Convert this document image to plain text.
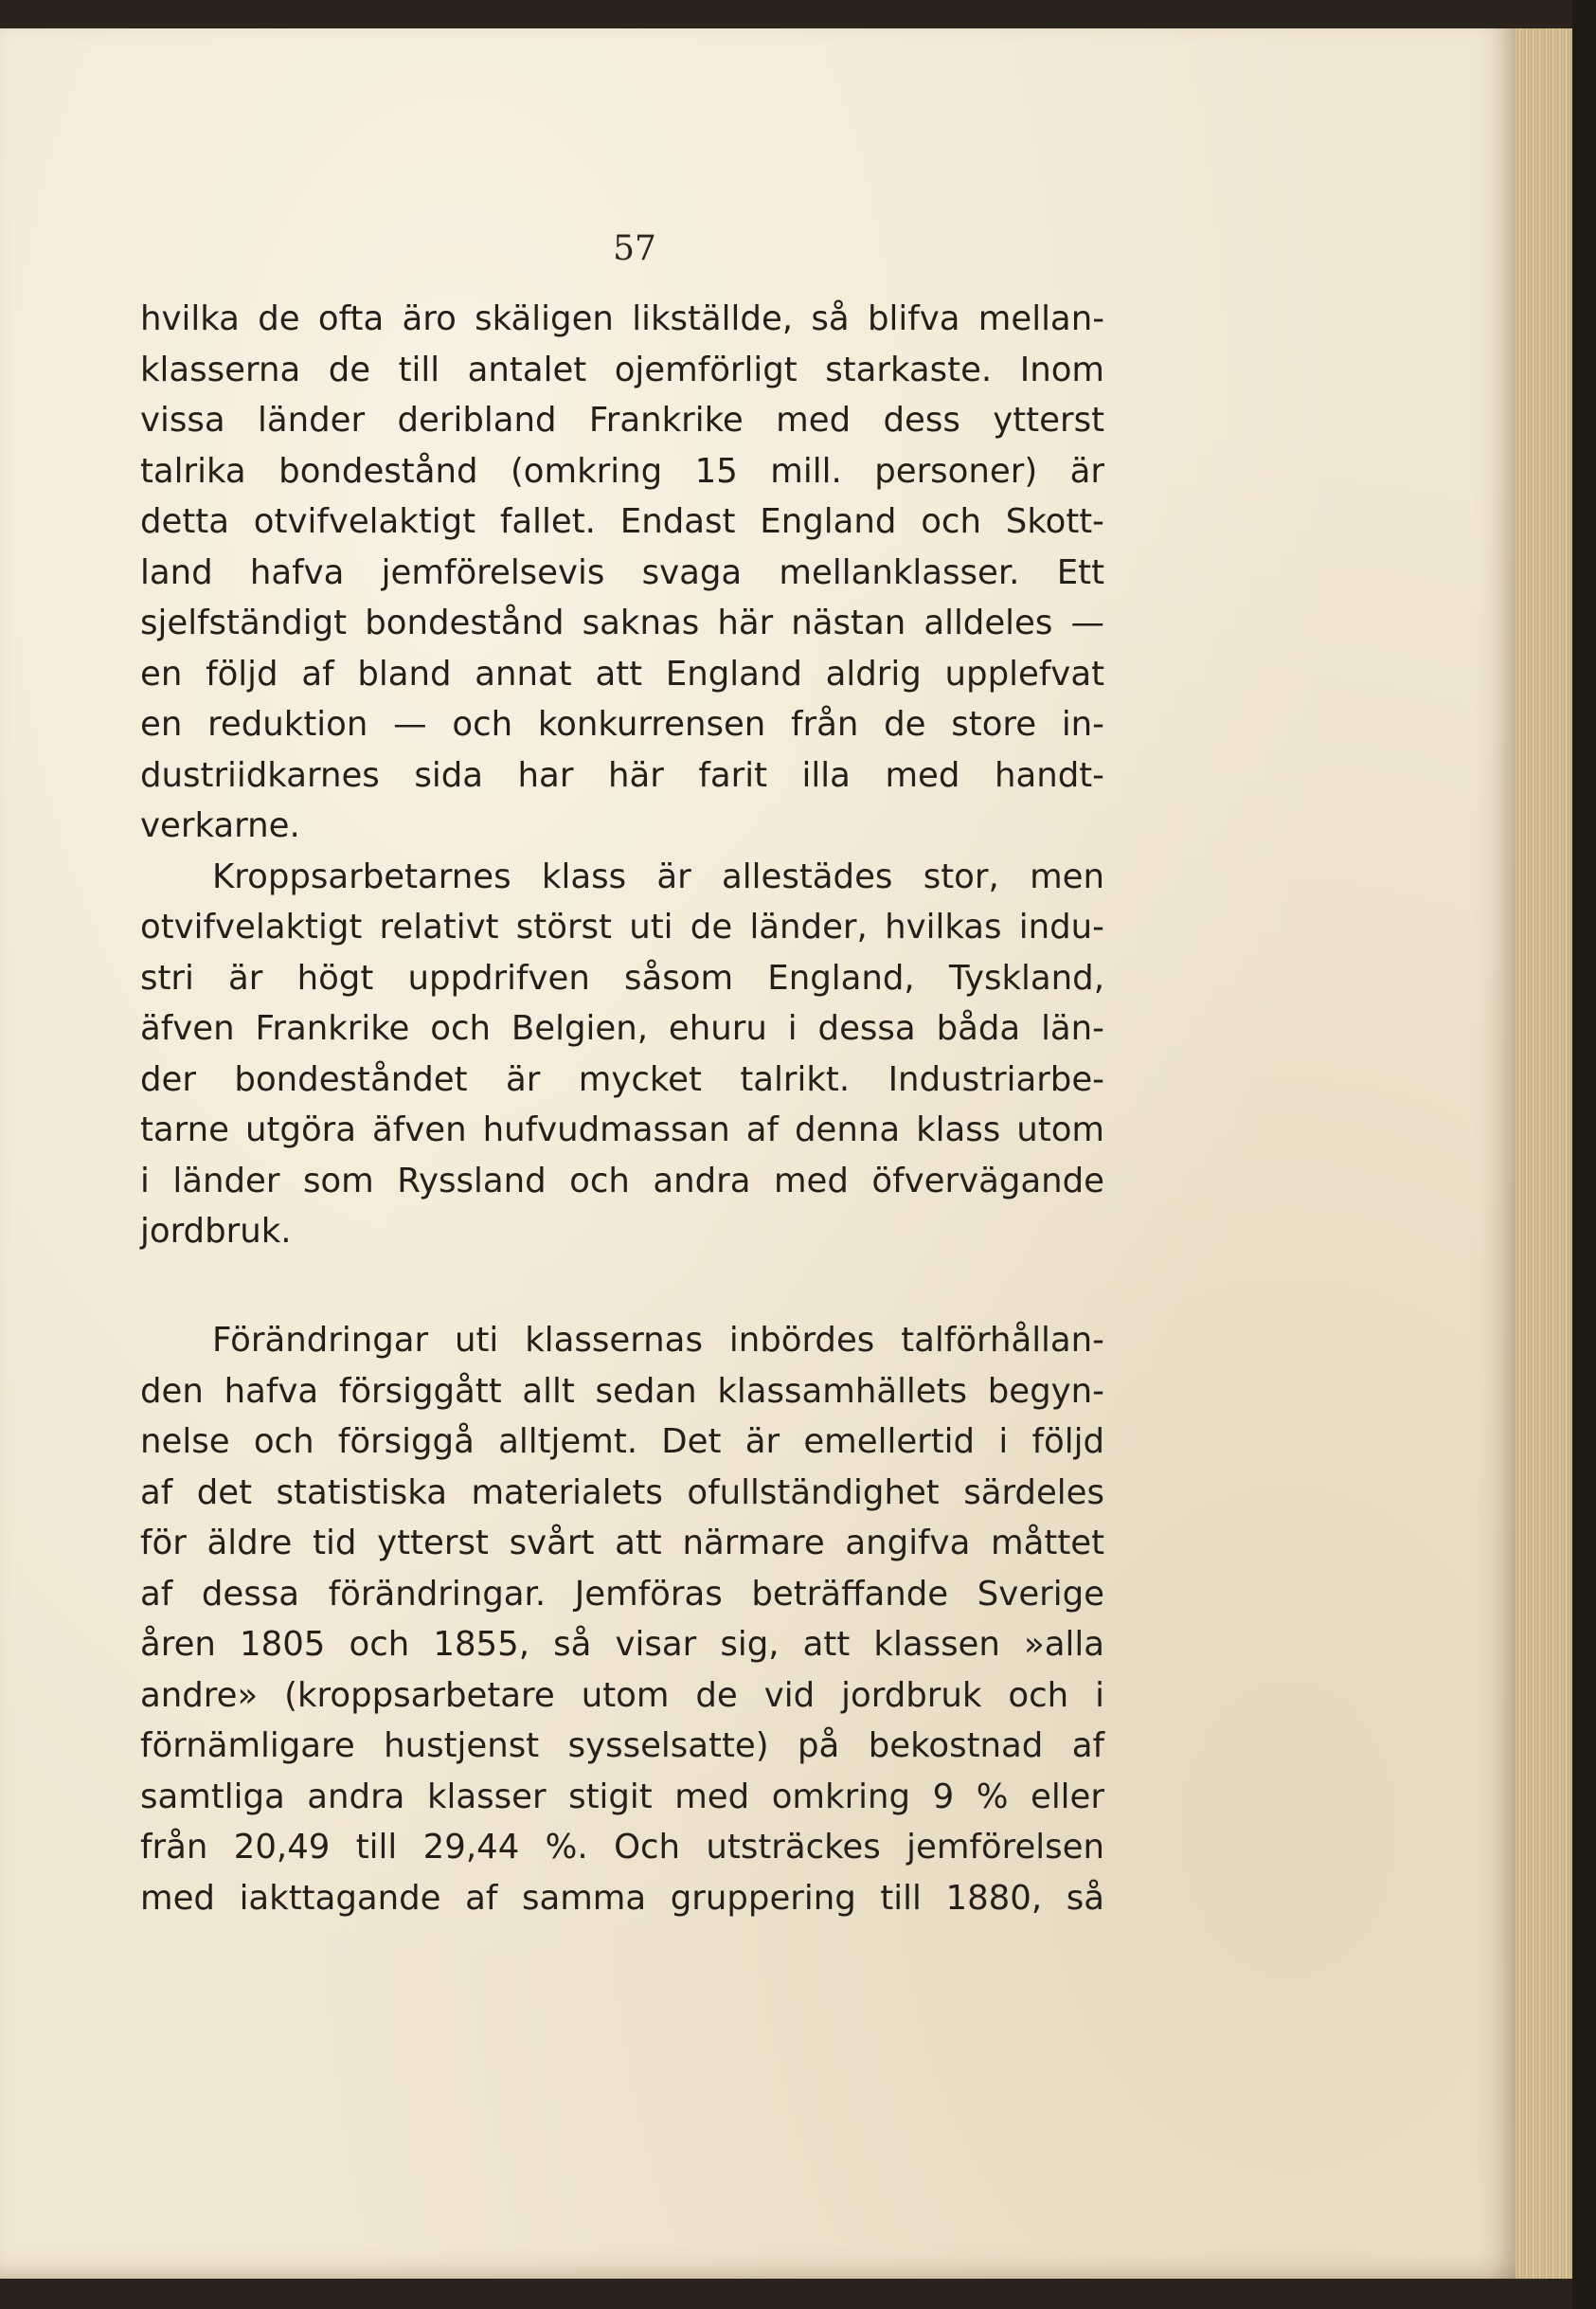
57
hvilka de ofta äro skäligen likställde, så blifva mellan-
klasserna de till antalet ojemförligt starkaste. Inom
vissa länder deribland Frankrike med dess ytterst
talrika bondestånd (omkring 15 mill. personer) är
detta otvifvelaktigt fallet. Endast England och Skott-
land hafva jemförelsevis svaga mellanklasser. Ett
sjelfständigt bondestånd saknas här nästan alldeles —
en följd af bland annat att England aldrig upplefvat
en reduktion — och konkurrensen från de store in-
dustriidkarnes sida har här farit illa med handt-
verkarne.
Kroppsarbetarnes klass är allestädes stor, men
otvifvelaktigt relativt störst uti de länder, hvilkas indu-
stri är högt uppdrifven såsom England, Tyskland,
äfven Frankrike och Belgien, ehuru i dessa båda län-
der bondeståndet är mycket talrikt. Industriarbe-
tarne utgöra äfven hufvudmassan af denna klass utom
i länder som Ryssland och andra med öfvervägande
jordbruk.
Förändringar uti klassernas inbördes talförhållan-
den hafva försiggått allt sedan klassamhällets begyn-
nelse och försiggå alltjemt. Det är emellertid i följd
af det statistiska materialets ofullständighet särdeles
för äldre tid ytterst svårt att närmare angifva måttet
af dessa förändringar. Jemföras beträffande Sverige
åren 1805 och 1855, så visar sig, att klassen »alla
andre» (kroppsarbetare utom de vid jordbruk och i
förnämligare hustjenst sysselsatte) på bekostnad af
samtliga andra klasser stigit med omkring 9 % eller
från 20,49 till 29,44 %. Och utsträckes jemförelsen
med iakttagande af samma gruppering till 1880, så
